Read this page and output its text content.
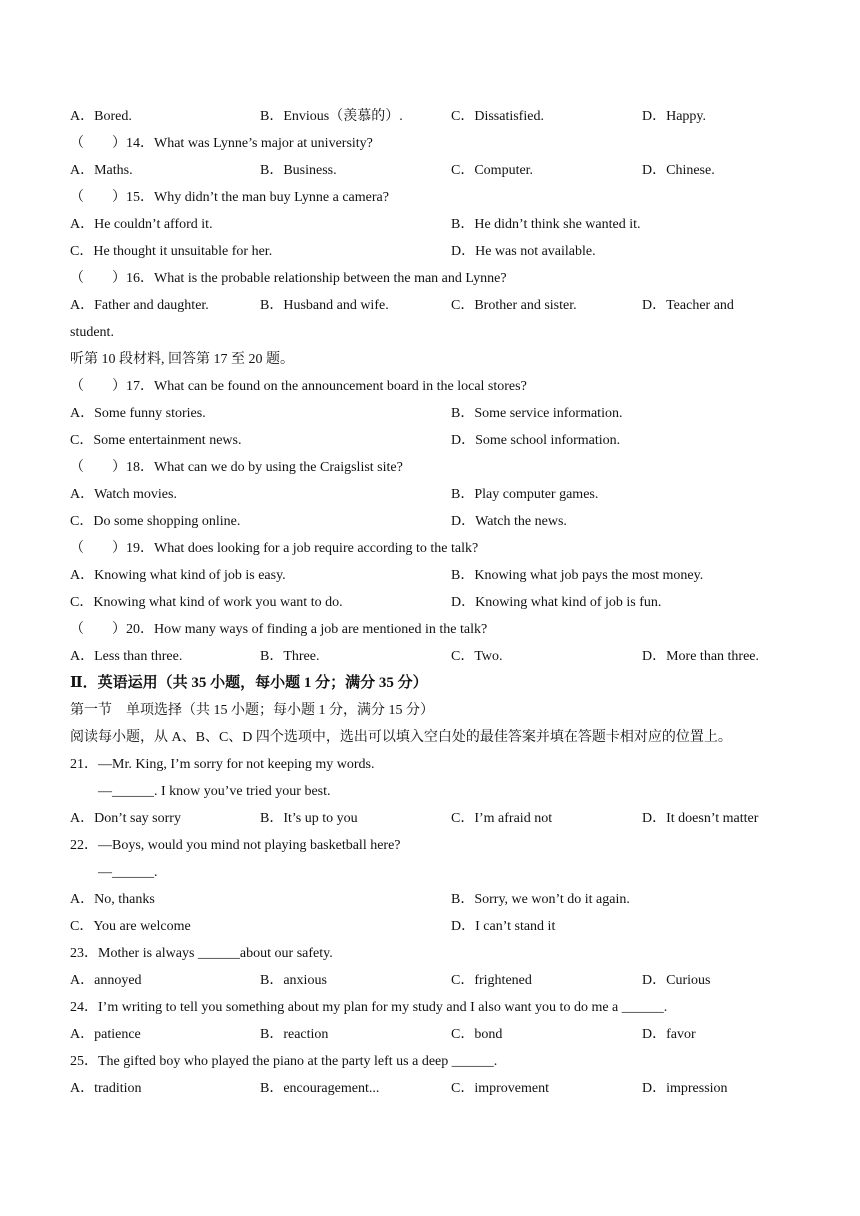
A．Bored.	B．Envious（羡慕的）.	C．Dissatisfied.	D．Happy.
（　　）14．What was Lynne’s major at university?
A．Maths.	B．Business.	C．Computer.	D．Chinese.
（　　）15．Why didn’t the man buy Lynne a camera?
A．He couldn’t afford it.	B．He didn’t think she wanted it.
C．He thought it unsuitable for her.	D．He was not available.
（　　）16．What is the probable relationship between the man and Lynne?
A．Father and daughter.	B．Husband and wife.	C．Brother and sister.	D．Teacher and
student.
听第 10 段材料, 回答第 17 至 20 题。
（　　）17．What can be found on the announcement board in the local stores?
A．Some funny stories.	B．Some service information.
C．Some entertainment news.	D．Some school information.
（　　）18．What can we do by using the Craigslist site?
A．Watch movies.	B．Play computer games.
C．Do some shopping online.	D．Watch the news.
（　　）19．What does looking for a job require according to the talk?
A．Knowing what kind of job is easy.	B．Knowing what job pays the most money.
C．Knowing what kind of work you want to do.	D．Knowing what kind of job is fun.
（　　）20．How many ways of finding a job are mentioned in the talk?
A．Less than three.	B．Three.	C．Two.	D．More than three.
Ⅱ．英语运用（共 35 小题，每小题 1 分；满分 35 分）
第一节　单项选择（共 15 小题；每小题 1 分，满分 15 分）
阅读每小题，从 A、B、C、D 四个选项中，选出可以填入空白处的最佳答案并填在答题卡相对应的位置上。
21．—Mr. King, I’m sorry for not keeping my words.
—______. I know you’ve tried your best.
A．Don’t say sorry	B．It’s up to you	C．I’m afraid not	D．It doesn’t matter
22．—Boys, would you mind not playing basketball here?
—______.
A．No, thanks	B．Sorry, we won’t do it again.
C．You are welcome	D．I can’t stand it
23．Mother is always ______about our safety.
A．annoyed	B．anxious	C．frightened	D．Curious
24．I’m writing to tell you something about my plan for my study and I also want you to do me a ______.
A．patience	B．reaction	C．bond	D．favor
25．The gifted boy who played the piano at the party left us a deep ______.
A．tradition	B．encouragement...	C．improvement	D．impression
